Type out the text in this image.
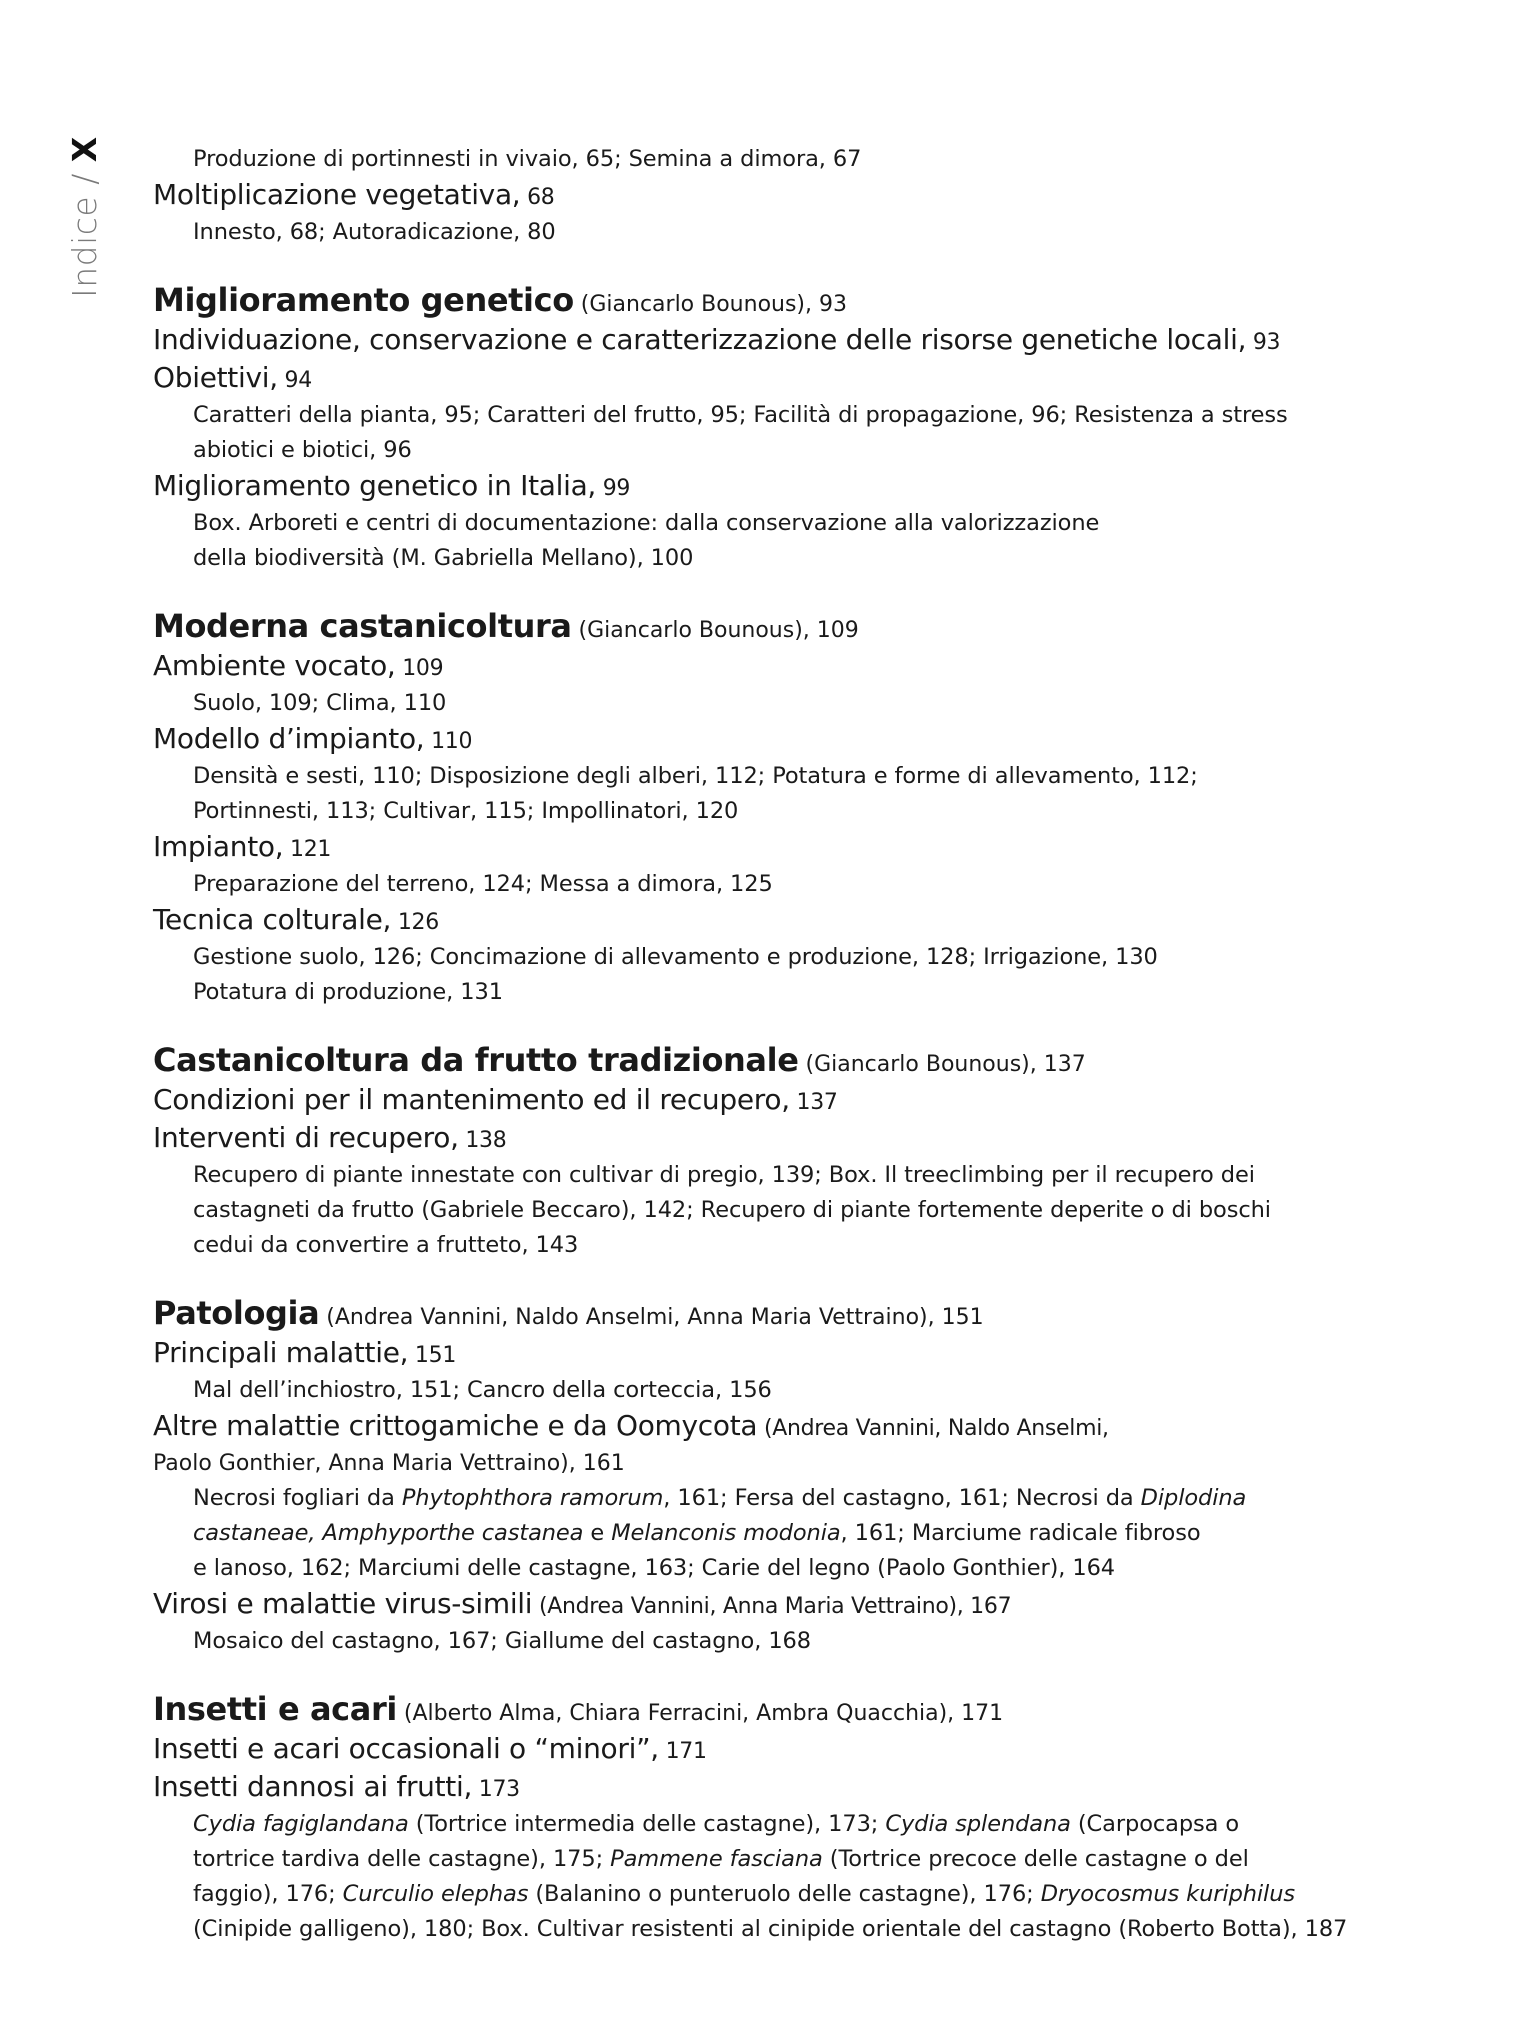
Indice / X	Produzione di portinnesti in vivaio, 65; Semina a dimora, 67
Moltiplicazione vegetativa, 68
Innesto, 68; Autoradicazione, 80
Miglioramento genetico (Giancarlo Bounous), 93
Individuazione, conservazione e caratterizzazione delle risorse genetiche locali, 93
Obiettivi, 94
Caratteri della pianta, 95; Caratteri del frutto, 95; Facilità di propagazione, 96; Resistenza a stress
abiotici e biotici, 96
Miglioramento genetico in Italia, 99
Box. Arboreti e centri di documentazione: dalla conservazione alla valorizzazione
della biodiversità (M. Gabriella Mellano), 100
Moderna castanicoltura (Giancarlo Bounous), 109
Ambiente vocato, 109
Suolo, 109; Clima, 110
Modello d’impianto, 110
Densità e sesti, 110; Disposizione degli alberi, 112; Potatura e forme di allevamento, 112;
Portinnesti, 113; Cultivar, 115; Impollinatori, 120
Impianto, 121
Preparazione del terreno, 124; Messa a dimora, 125
Tecnica colturale, 126
Gestione suolo, 126; Concimazione di allevamento e produzione, 128; Irrigazione, 130
Potatura di produzione, 131
Castanicoltura da frutto tradizionale (Giancarlo Bounous), 137
Condizioni per il mantenimento ed il recupero, 137
Interventi di recupero, 138
Recupero di piante innestate con cultivar di pregio, 139; Box. Il treeclimbing per il recupero dei
castagneti da frutto (Gabriele Beccaro), 142; Recupero di piante fortemente deperite o di boschi
cedui da convertire a frutteto, 143
Patologia (Andrea Vannini, Naldo Anselmi, Anna Maria Vettraino), 151
Principali malattie, 151
Mal dell’inchiostro, 151; Cancro della corteccia, 156
Altre malattie crittogamiche e da Oomycota (Andrea Vannini, Naldo Anselmi,
Paolo Gonthier, Anna Maria Vettraino), 161
Necrosi fogliari da Phytophthora ramorum, 161; Fersa del castagno, 161; Necrosi da Diplodina
castaneae, Amphyporthe castanea e Melanconis modonia, 161; Marciume radicale fibroso
e lanoso, 162; Marciumi delle castagne, 163; Carie del legno (Paolo Gonthier), 164
Virosi e malattie virus-simili (Andrea Vannini, Anna Maria Vettraino), 167
Mosaico del castagno, 167; Giallume del castagno, 168
Insetti e acari (Alberto Alma, Chiara Ferracini, Ambra Quacchia), 171
Insetti e acari occasionali o “minori”, 171
Insetti dannosi ai frutti, 173
Cydia fagiglandana (Tortrice intermedia delle castagne), 173; Cydia splendana (Carpocapsa o
tortrice tardiva delle castagne), 175; Pammene fasciana (Tortrice precoce delle castagne o del
faggio), 176; Curculio elephas (Balanino o punteruolo delle castagne), 176; Dryocosmus kuriphilus
(Cinipide galligeno), 180; Box. Cultivar resistenti al cinipide orientale del castagno (Roberto Botta), 187
